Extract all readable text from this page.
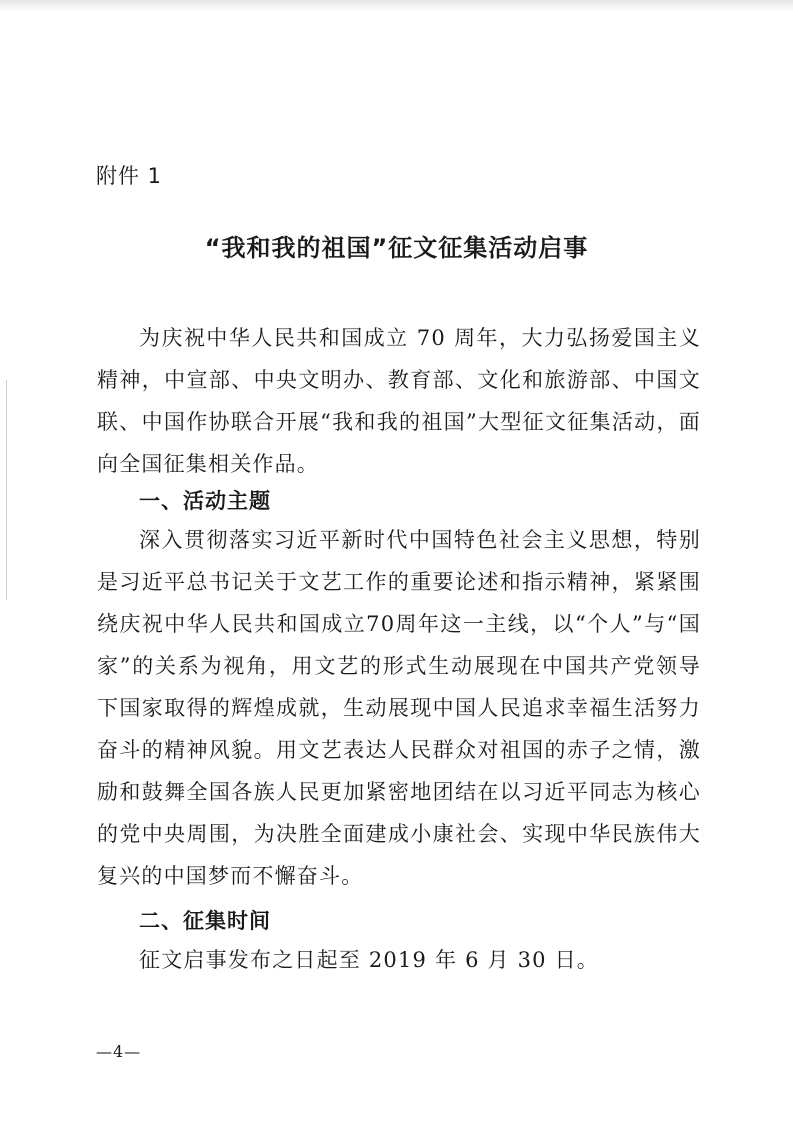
附件 1
“我和我的祖国”征文征集活动启事

为庆祝中华人民共和国成立 70 周年，大力弘扬爱国主义精神，中宣部、中央文明办、教育部、文化和旅游部、中国文联、中国作协联合开展“我和我的祖国”大型征文征集活动，面向全国征集相关作品。

一、活动主题

深入贯彻落实习近平新时代中国特色社会主义思想，特别是习近平总书记关于文艺工作的重要论述和指示精神，紧紧围绕庆祝中华人民共和国成立70周年这一主线，以“个人”与“国家”的关系为视角，用文艺的形式生动展现在中国共产党领导下国家取得的辉煌成就，生动展现中国人民追求幸福生活努力奋斗的精神风貌。用文艺表达人民群众对祖国的赤子之情，激励和鼓舞全国各族人民更加紧密地团结在以习近平同志为核心的党中央周围，为决胜全面建成小康社会、实现中华民族伟大复兴的中国梦而不懈奋斗。

二、征集时间

征文启事发布之日起至 2019 年 6 月 30 日。

—4—
